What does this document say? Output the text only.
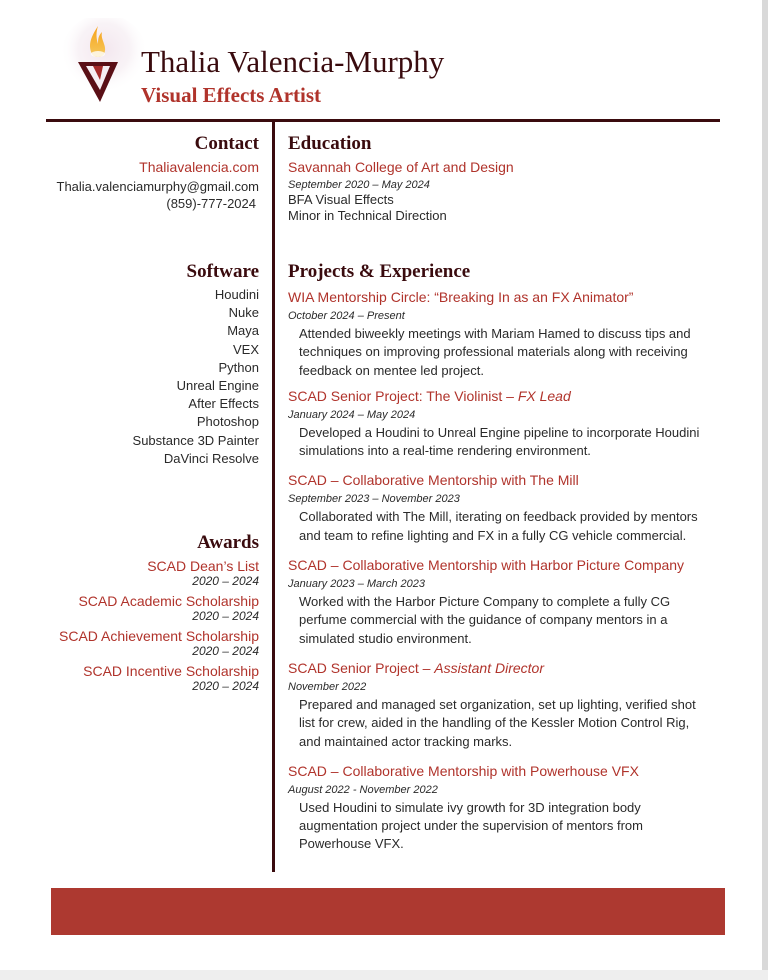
Thalia Valencia-Murphy
Visual Effects Artist
Contact
Thaliavalencia.com
Thalia.valenciamurphy@gmail.com
(859)-777-2024
Software
Houdini
Nuke
Maya
VEX
Python
Unreal Engine
After Effects
Photoshop
Substance 3D Painter
DaVinci Resolve
Awards
SCAD Dean’s List
2020 – 2024
SCAD Academic Scholarship
2020 – 2024
SCAD Achievement Scholarship
2020 – 2024
SCAD Incentive Scholarship
2020 – 2024
Education
Savannah College of Art and Design
September 2020 – May 2024
BFA Visual Effects
Minor in Technical Direction
Projects & Experience
WIA Mentorship Circle: “Breaking In as an FX Animator”
October 2024 – Present
Attended biweekly meetings with Mariam Hamed to discuss tips and techniques on improving professional materials along with receiving feedback on mentee led project.
SCAD Senior Project: The Violinist – FX Lead
January 2024 – May 2024
Developed a Houdini to Unreal Engine pipeline to incorporate Houdini simulations into a real-time rendering environment.
SCAD – Collaborative Mentorship with The Mill
September 2023 – November 2023
Collaborated with The Mill, iterating on feedback provided by mentors and team to refine lighting and FX in a fully CG vehicle commercial.
SCAD – Collaborative Mentorship with Harbor Picture Company
January 2023 – March 2023
Worked with the Harbor Picture Company to complete a fully CG perfume commercial with the guidance of company mentors in a simulated studio environment.
SCAD Senior Project – Assistant Director
November 2022
Prepared and managed set organization, set up lighting, verified shot list for crew, aided in the handling of the Kessler Motion Control Rig, and maintained actor tracking marks.
SCAD – Collaborative Mentorship with Powerhouse VFX
August 2022 - November 2022
Used Houdini to simulate ivy growth for 3D integration body augmentation project under the supervision of mentors from Powerhouse VFX.
